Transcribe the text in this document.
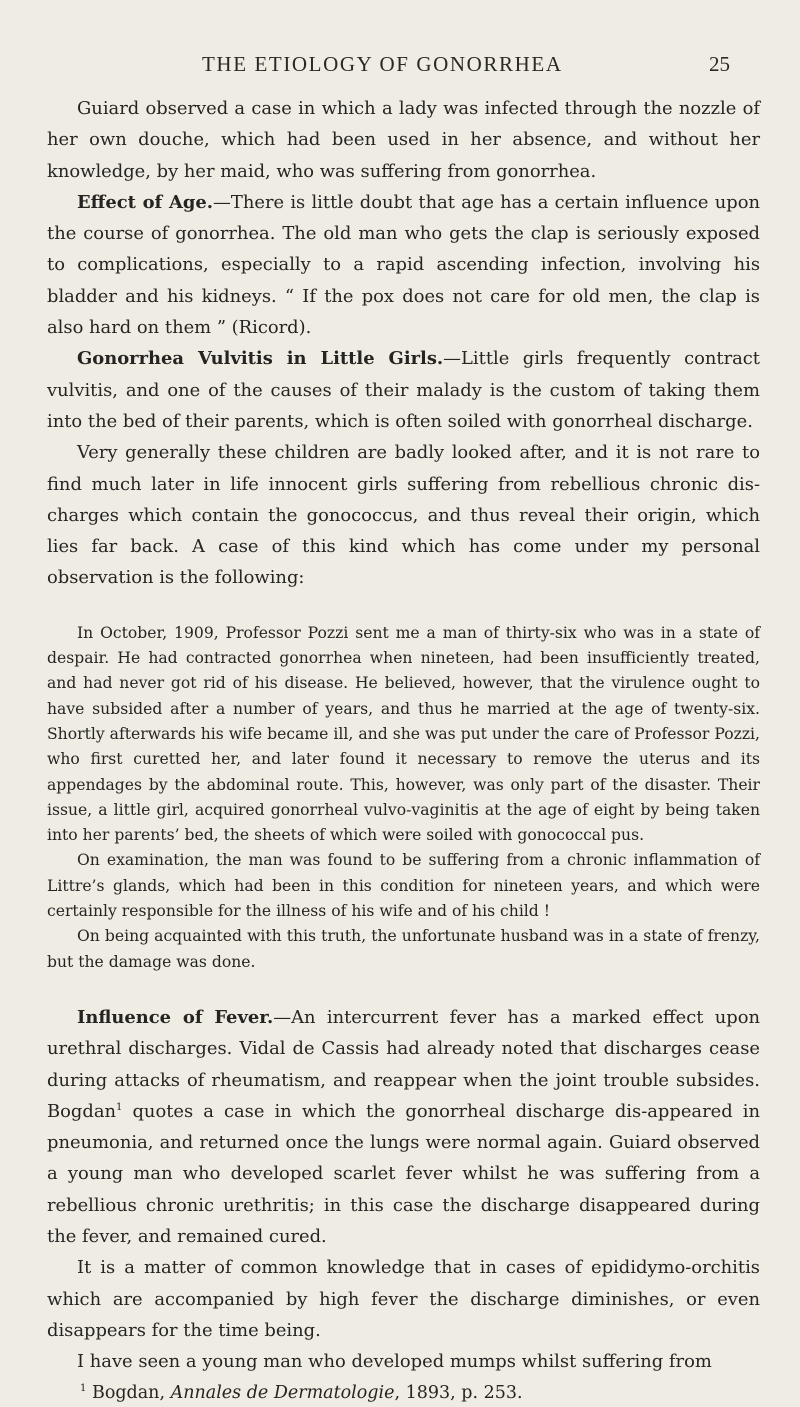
THE ETIOLOGY OF GONORRHEA	25

Guiard observed a case in which a lady was infected through the nozzle of her own douche, which had been used in her absence, and without her knowledge, by her maid, who was suffering from gonorrhea.

Effect of Age.—There is little doubt that age has a certain influence upon the course of gonorrhea. The old man who gets the clap is seriously exposed to complications, especially to a rapid ascending infection, involving his bladder and his kidneys. “ If the pox does not care for old men, the clap is also hard on them ” (Ricord).

Gonorrhea Vulvitis in Little Girls.—Little girls frequently contract vulvitis, and one of the causes of their malady is the custom of taking them into the bed of their parents, which is often soiled with gonorrheal discharge.

Very generally these children are badly looked after, and it is not rare to find much later in life innocent girls suffering from rebellious chronic dis-charges which contain the gonococcus, and thus reveal their origin, which lies far back. A case of this kind which has come under my personal observation is the following:

In October, 1909, Professor Pozzi sent me a man of thirty-six who was in a state of despair. He had contracted gonorrhea when nineteen, had been insufficiently treated, and had never got rid of his disease. He believed, however, that the virulence ought to have subsided after a number of years, and thus he married at the age of twenty-six. Shortly afterwards his wife became ill, and she was put under the care of Professor Pozzi, who first curetted her, and later found it necessary to remove the uterus and its appendages by the abdominal route. This, however, was only part of the disaster. Their issue, a little girl, acquired gonorrheal vulvo-vaginitis at the age of eight by being taken into her parents’ bed, the sheets of which were soiled with gonococcal pus.

On examination, the man was found to be suffering from a chronic inflammation of Littre’s glands, which had been in this condition for nineteen years, and which were certainly responsible for the illness of his wife and of his child !

On being acquainted with this truth, the unfortunate husband was in a state of frenzy, but the damage was done.

Influence of Fever.—An intercurrent fever has a marked effect upon urethral discharges. Vidal de Cassis had already noted that discharges cease during attacks of rheumatism, and reappear when the joint trouble subsides. Bogdan$^1$ quotes a case in which the gonorrheal discharge dis-appeared in pneumonia, and returned once the lungs were normal again. Guiard observed a young man who developed scarlet fever whilst he was suffering from a rebellious chronic urethritis; in this case the discharge disappeared during the fever, and remained cured.

It is a matter of common knowledge that in cases of epididymo-orchitis which are accompanied by high fever the discharge diminishes, or even disappears for the time being.

I have seen a young man who developed mumps whilst suffering from

$^1$ Bogdan, Annales de Dermatologie, 1893, p. 253.
